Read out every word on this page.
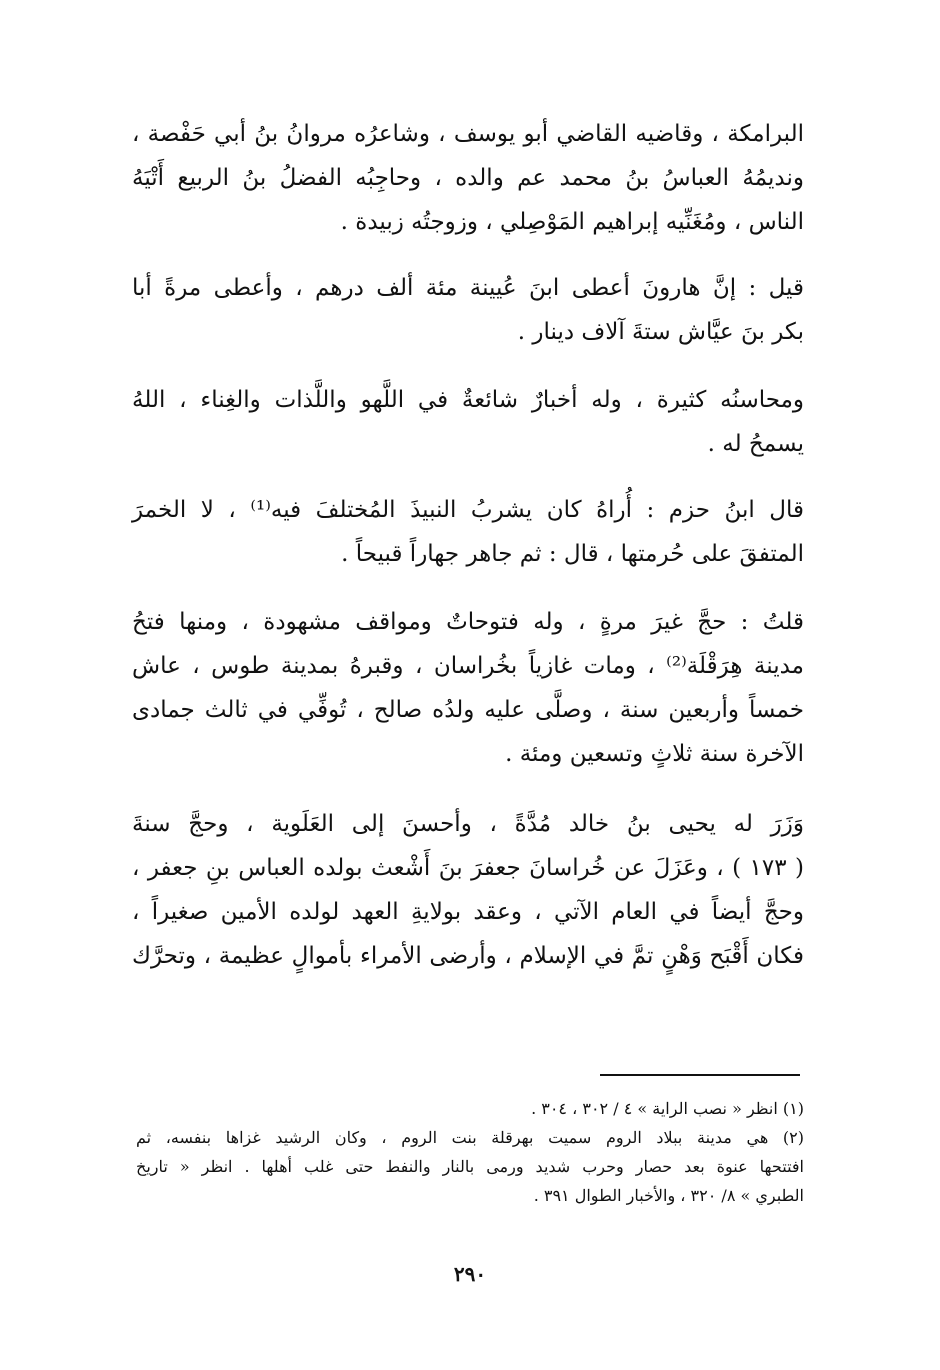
البرامكة ، وقاضيه القاضي أبو يوسف ، وشاعرُه مروانُ بنُ أبي حَفْصة ،
ونديمُهُ العباسُ بنُ محمد عم والده ، وحاجِبُه الفضلُ بنُ الربيع أَتْيَهُ
الناس ، ومُغَنِّيه إبراهيم المَوْصِلي ، وزوجتُه زبيدة .
قيل : إنَّ هارونَ أعطى ابنَ عُيينة مئة ألف درهم ، وأعطى مرةً أبا
بكر بنَ عيَّاش ستةَ آلاف دينار .
ومحاسنُه كثيرة ، وله أخبارٌ شائعةٌ في اللَّهو واللَّذات والغِناء ، اللهُ
يسمحُ له .
قال ابنُ حزم : أُراهُ كان يشربُ النبيذَ المُختلفَ فيه⁽¹⁾ ، لا الخمرَ
المتفقَ على حُرمتها ، قال : ثم جاهر جهاراً قبيحاً .
قلتُ : حجَّ غيرَ مرةٍ ، وله فتوحاتٌ ومواقف مشهودة ، ومنها فتحُ
مدينة هِرَقْلَة⁽²⁾ ، ومات غازياً بخُراسان ، وقبرهُ بمدينة طوس ، عاش
خمساً وأربعين سنة ، وصلَّى عليه ولدُه صالح ، تُوفِّي في ثالث جمادى
الآخرة سنة ثلاثٍ وتسعين ومئة .
وَزَرَ له يحيى بنُ خالد مُدَّةً ، وأحسنَ إلى العَلَوية ، وحجَّ سنةَ
( ١٧٣ ) ، وعَزَلَ عن خُراسانَ جعفرَ بنَ أَشْعث بولده العباس بنِ جعفر ،
وحجَّ أيضاً في العام الآتي ، وعقد بولايةِ العهد لولده الأمين صغيراً ،
فكان أَقْبَح وَهْنٍ تمَّ في الإسلام ، وأرضى الأمراء بأموالٍ عظيمة ، وتحرَّك
(١) انظر « نصب الراية » ٤ / ٣٠٢ ، ٣٠٤ .
(٢) هي مدينة ببلاد الروم سميت بهرقلة بنت الروم ، وكان الرشيد غزاها بنفسه، ثم
افتتحها عنوة بعد حصار وحرب شديد ورمى بالنار والنفط حتى غلب أهلها . انظر « تاريخ
الطبري » ٨/ ٣٢٠ ، والأخبار الطوال ٣٩١ .
٢٩٠
